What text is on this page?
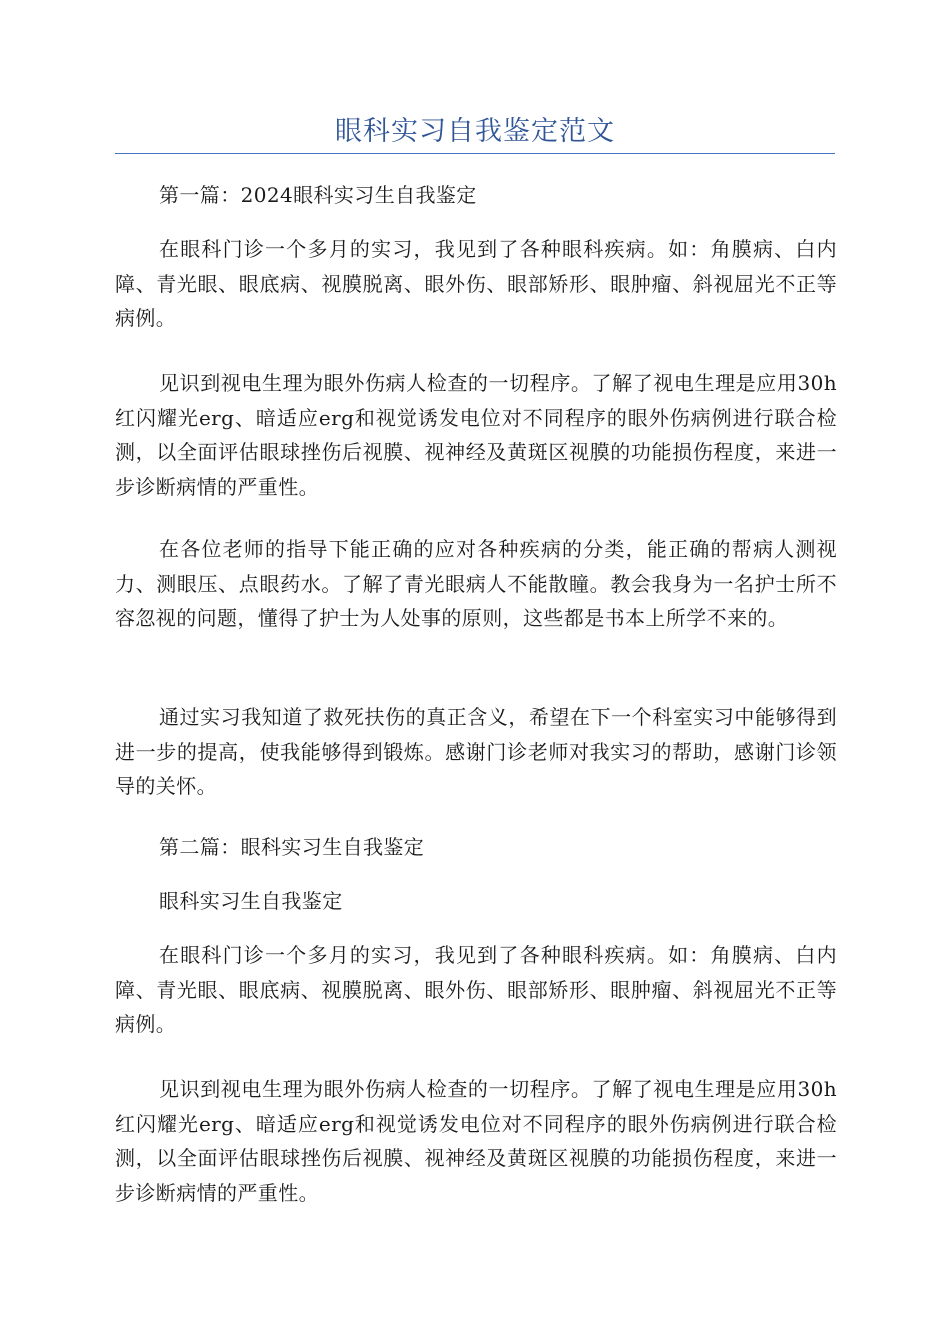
眼科实习自我鉴定范文

第一篇：2024眼科实习生自我鉴定

在眼科门诊一个多月的实习，我见到了各种眼科疾病。如：角膜病、白内障、青光眼、眼底病、视膜脱离、眼外伤、眼部矫形、眼肿瘤、斜视屈光不正等病例。

见识到视电生理为眼外伤病人检查的一切程序。了解了视电生理是应用30h红闪耀光erg、暗适应erg和视觉诱发电位对不同程序的眼外伤病例进行联合检测，以全面评估眼球挫伤后视膜、视神经及黄斑区视膜的功能损伤程度，来进一步诊断病情的严重性。

在各位老师的指导下能正确的应对各种疾病的分类，能正确的帮病人测视力、测眼压、点眼药水。了解了青光眼病人不能散瞳。教会我身为一名护士所不容忽视的问题，懂得了护士为人处事的原则，这些都是书本上所学不来的。

通过实习我知道了救死扶伤的真正含义，希望在下一个科室实习中能够得到进一步的提高，使我能够得到锻炼。感谢门诊老师对我实习的帮助，感谢门诊领导的关怀。

第二篇：眼科实习生自我鉴定

眼科实习生自我鉴定

在眼科门诊一个多月的实习，我见到了各种眼科疾病。如：角膜病、白内障、青光眼、眼底病、视膜脱离、眼外伤、眼部矫形、眼肿瘤、斜视屈光不正等病例。

见识到视电生理为眼外伤病人检查的一切程序。了解了视电生理是应用30h红闪耀光erg、暗适应erg和视觉诱发电位对不同程序的眼外伤病例进行联合检测，以全面评估眼球挫伤后视膜、视神经及黄斑区视膜的功能损伤程度，来进一步诊断病情的严重性。
